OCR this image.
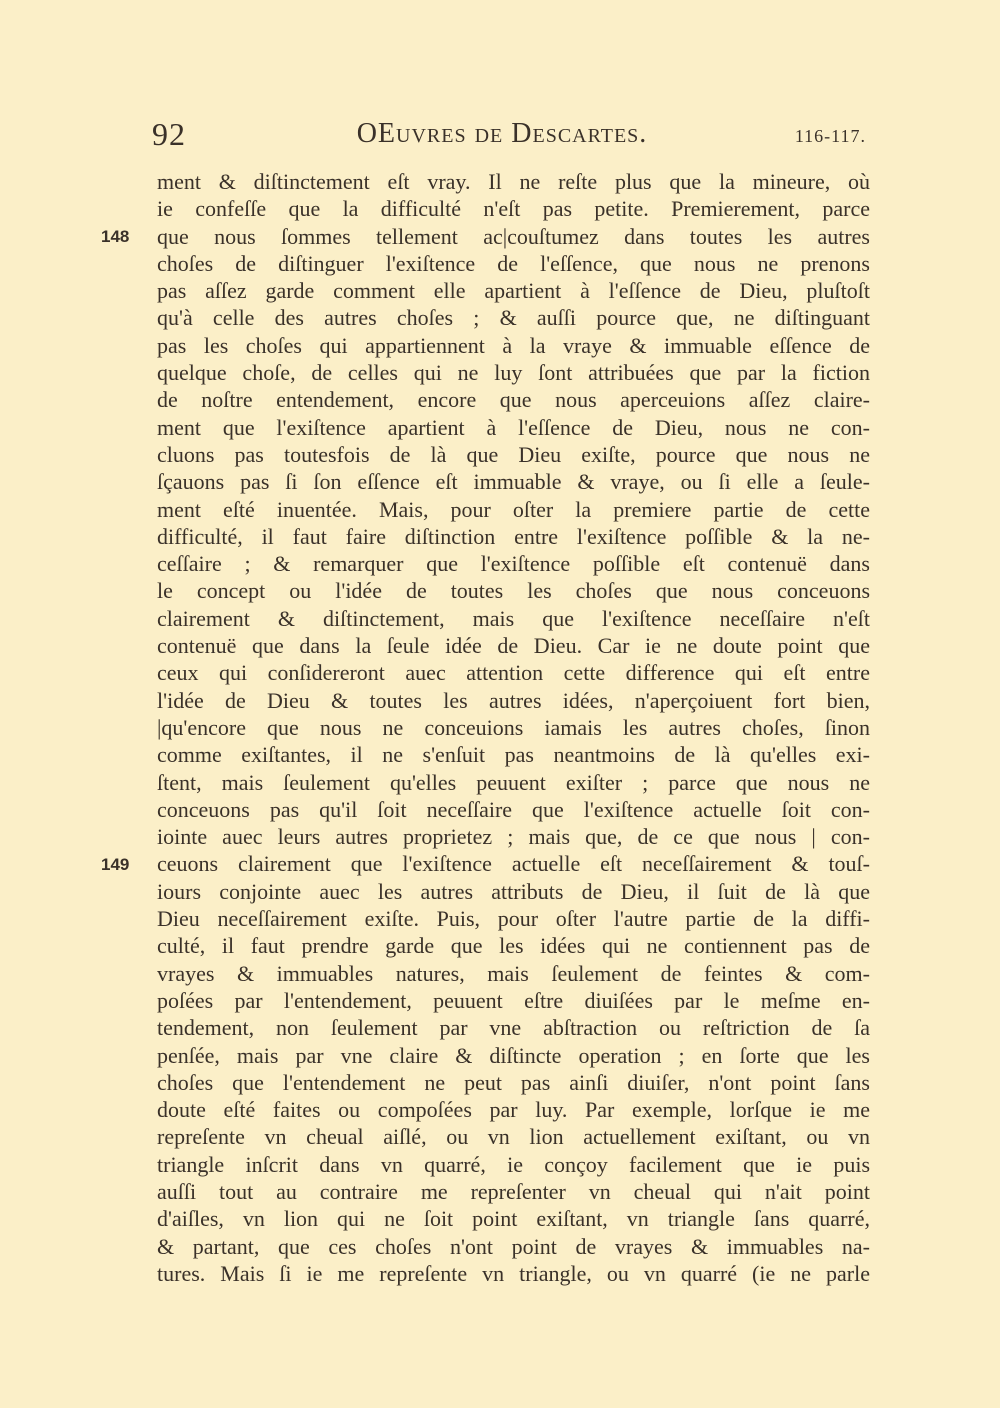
92	OEuvres de Descartes.	116-117.
148
149
ment & diſtinctement eſt vray. Il ne reſte plus que la mineure, où
ie confeſſe que la difficulté n'eſt pas petite. Premierement, parce
que nous ſommes tellement ac|couſtumez dans toutes les autres
choſes de diſtinguer l'exiſtence de l'eſſence, que nous ne prenons
pas aſſez garde comment elle apartient à l'eſſence de Dieu, pluſtoſt
qu'à celle des autres choſes ; & auſſi pource que, ne diſtinguant
pas les choſes qui appartiennent à la vraye & immuable eſſence de
quelque choſe, de celles qui ne luy ſont attribuées que par la fiction
de noſtre entendement, encore que nous aperceuions aſſez claire-
ment que l'exiſtence apartient à l'eſſence de Dieu, nous ne con-
cluons pas toutesfois de là que Dieu exiſte, pource que nous ne
ſçauons pas ſi ſon eſſence eſt immuable & vraye, ou ſi elle a ſeule-
ment eſté inuentée. Mais, pour oſter la premiere partie de cette
difficulté, il faut faire diſtinction entre l'exiſtence poſſible & la ne-
ceſſaire ; & remarquer que l'exiſtence poſſible eſt contenuë dans
le concept ou l'idée de toutes les choſes que nous conceuons
clairement & diſtinctement, mais que l'exiſtence neceſſaire n'eſt
contenuë que dans la ſeule idée de Dieu. Car ie ne doute point que
ceux qui conſidereront auec attention cette difference qui eſt entre
l'idée de Dieu & toutes les autres idées, n'aperçoiuent fort bien,
|qu'encore que nous ne conceuions iamais les autres choſes, ſinon
comme exiſtantes, il ne s'enſuit pas neantmoins de là qu'elles exi-
ſtent, mais ſeulement qu'elles peuuent exiſter ; parce que nous ne
conceuons pas qu'il ſoit neceſſaire que l'exiſtence actuelle ſoit con-
iointe auec leurs autres proprietez ; mais que, de ce que nous | con-
ceuons clairement que l'exiſtence actuelle eſt neceſſairement & touſ-
iours conjointe auec les autres attributs de Dieu, il ſuit de là que
Dieu neceſſairement exiſte. Puis, pour oſter l'autre partie de la diffi-
culté, il faut prendre garde que les idées qui ne contiennent pas de
vrayes & immuables natures, mais ſeulement de feintes & com-
poſées par l'entendement, peuuent eſtre diuiſées par le meſme en-
tendement, non ſeulement par vne abſtraction ou reſtriction de ſa
penſée, mais par vne claire & diſtincte operation ; en ſorte que les
choſes que l'entendement ne peut pas ainſi diuiſer, n'ont point ſans
doute eſté faites ou compoſées par luy. Par exemple, lorſque ie me
repreſente vn cheual aiſlé, ou vn lion actuellement exiſtant, ou vn
triangle inſcrit dans vn quarré, ie conçoy facilement que ie puis
auſſi tout au contraire me repreſenter vn cheual qui n'ait point
d'aiſles, vn lion qui ne ſoit point exiſtant, vn triangle ſans quarré,
& partant, que ces choſes n'ont point de vrayes & immuables na-
tures. Mais ſi ie me repreſente vn triangle, ou vn quarré (ie ne parle
